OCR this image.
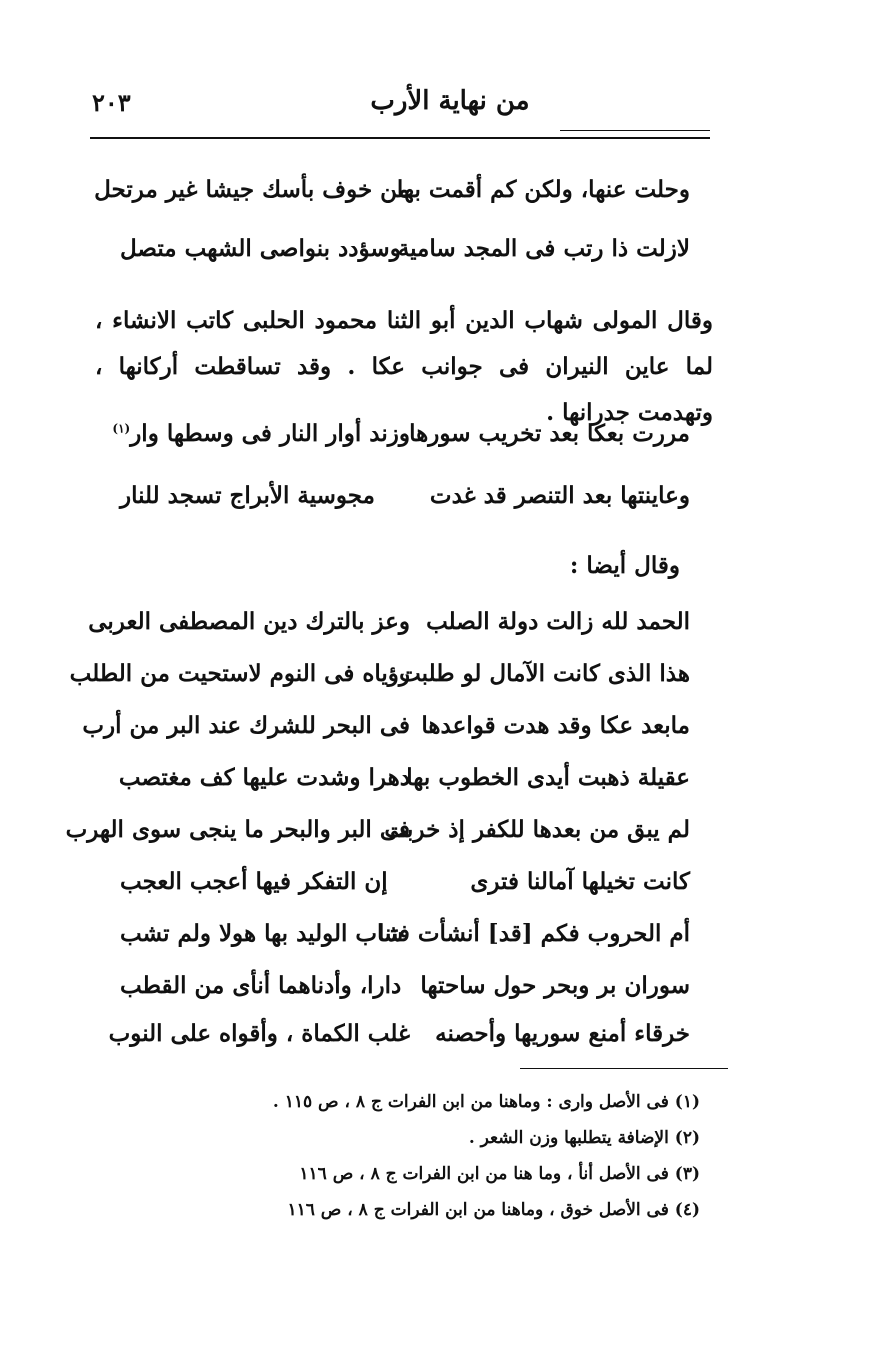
من نهاية الأرب
٢٠٣
وحلت عنها، ولكن كم أقمت بها
من خوف بأسك جيشا غير مرتحل
لازلت ذا رتب فى المجد سامية
وسؤدد بنواصى الشهب متصل
وقال المولى شهاب الدين أبو الثنا محمود الحلبى كاتب الانشاء ، لما عاين النيران فى جوانب عكا . وقد تساقطت أركانها ، وتهدمت جدرانها .
مررت بعكا بعد تخريب سورها
وزند أوار النار فى وسطها وار$^{(١)}$
وعاينتها بعد التنصر قد غدت
مجوسية الأبراج تسجد للنار
وقال أيضا :
الحمد لله زالت دولة الصلب
وعز بالترك دين المصطفى العربى
هذا الذى كانت الآمال لو طلبت
رؤياه فى النوم لاستحيت من الطلب
مابعد عكا وقد هدت قواعدها
فى البحر للشرك عند البر من أرب
عقيلة ذهبت أيدى الخطوب بها
دهرا وشدت عليها كف مغتصب
لم يبق من بعدها للكفر إذ خربت
فى البر والبحر ما ينجى سوى الهرب
كانت تخيلها آمالنا فترى
إن التفكر فيها أعجب العجب
أم الحروب فكم [قد] أنشأت فتنا
شاب الوليد بها هولا ولم تشب
سوران بر وبحر حول ساحتها
دارا، وأدناهما أنأى من القطب
خرقاء أمنع سوريها وأحصنه
غلب الكماة ، وأقواه على النوب
(١) فى الأصل وارى : وماهنا من ابن الفرات ج ٨ ، ص ١١٥ .
(٢) الإضافة يتطلبها وزن الشعر .
(٣) فى الأصل أنأ ، وما هنا من ابن الفرات ج ٨ ، ص ١١٦
(٤) فى الأصل خوق ، وماهنا من ابن الفرات ج ٨ ، ص ١١٦
